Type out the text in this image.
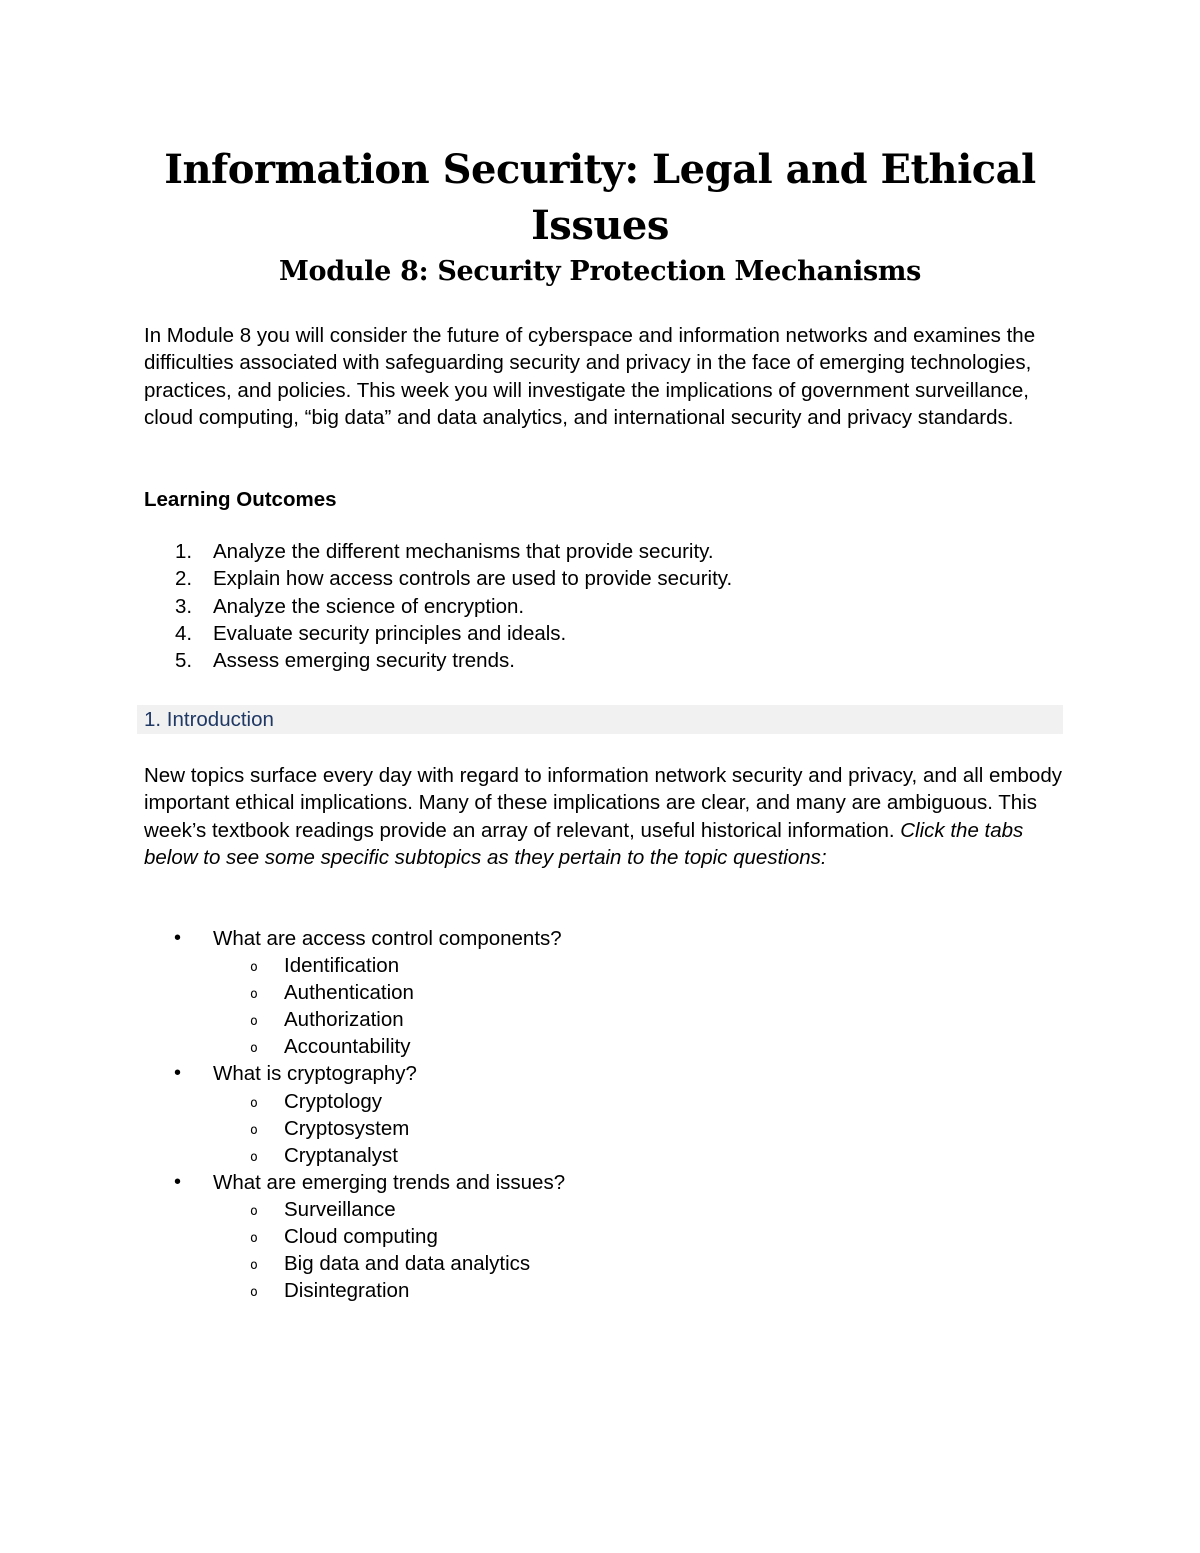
Information Security: Legal and Ethical Issues
Module 8: Security Protection Mechanisms

In Module 8 you will consider the future of cyberspace and information networks and examines the difficulties associated with safeguarding security and privacy in the face of emerging technologies, practices, and policies. This week you will investigate the implications of government surveillance, cloud computing, “big data” and data analytics, and international security and privacy standards.

Learning Outcomes
1.	Analyze the different mechanisms that provide security.
2.	Explain how access controls are used to provide security.
3.	Analyze the science of encryption.
4.	Evaluate security principles and ideals.
5.	Assess emerging security trends.
1. Introduction

New topics surface every day with regard to information network security and privacy, and all embody important ethical implications. Many of these implications are clear, and many are ambiguous. This week’s textbook readings provide an array of relevant, useful historical information. Click the tabs below to see some specific subtopics as they pertain to the topic questions:

• What are access control components?
o Identification
o Authentication
o Authorization
o Accountability
• What is cryptography?
o Cryptology
o Cryptosystem
o Cryptanalyst
• What are emerging trends and issues?
o Surveillance
o Cloud computing
o Big data and data analytics
o Disintegration
